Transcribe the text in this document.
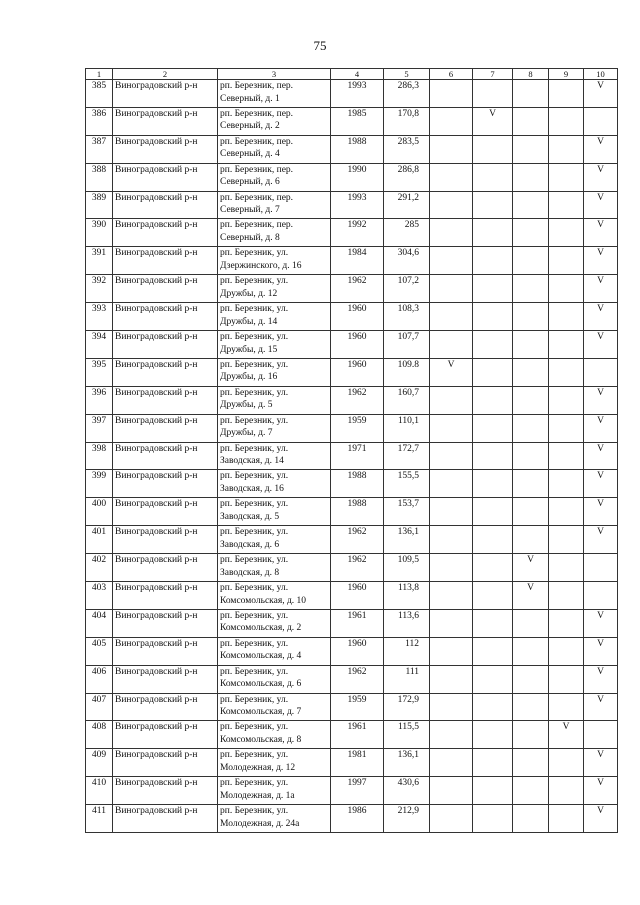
75
1	2	3	4	5	6	7	8	9	10
385	Виноградовский р-н	рп. Березник, пер.
Северный, д. 1	1993	286,3					V
386	Виноградовский р-н	рп. Березник, пер.
Северный, д. 2	1985	170,8		V			
387	Виноградовский р-н	рп. Березник, пер.
Северный, д. 4	1988	283,5					V
388	Виноградовский р-н	рп. Березник, пер.
Северный, д. 6	1990	286,8					V
389	Виноградовский р-н	рп. Березник, пер.
Северный, д. 7	1993	291,2					V
390	Виноградовский р-н	рп. Березник, пер.
Северный, д. 8	1992	285					V
391	Виноградовский р-н	рп. Березник, ул.
Дзержинского, д. 16	1984	304,6					V
392	Виноградовский р-н	рп. Березник, ул.
Дружбы, д. 12	1962	107,2					V
393	Виноградовский р-н	рп. Березник, ул.
Дружбы, д. 14	1960	108,3					V
394	Виноградовский р-н	рп. Березник, ул.
Дружбы, д. 15	1960	107,7					V
395	Виноградовский р-н	рп. Березник, ул.
Дружбы, д. 16	1960	109.8	V				
396	Виноградовский р-н	рп. Березник, ул.
Дружбы, д. 5	1962	160,7					V
397	Виноградовский р-н	рп. Березник, ул.
Дружбы, д. 7	1959	110,1					V
398	Виноградовский р-н	рп. Березник, ул.
Заводская, д. 14	1971	172,7					V
399	Виноградовский р-н	рп. Березник, ул.
Заводская, д. 16	1988	155,5					V
400	Виноградовский р-н	рп. Березник, ул.
Заводская, д. 5	1988	153,7					V
401	Виноградовский р-н	рп. Березник, ул.
Заводская, д. 6	1962	136,1					V
402	Виноградовский р-н	рп. Березник, ул.
Заводская, д. 8	1962	109,5			V		
403	Виноградовский р-н	рп. Березник, ул.
Комсомольская, д. 10	1960	113,8			V		
404	Виноградовский р-н	рп. Березник, ул.
Комсомольская, д. 2	1961	113,6					V
405	Виноградовский р-н	рп. Березник, ул.
Комсомольская, д. 4	1960	112					V
406	Виноградовский р-н	рп. Березник, ул.
Комсомольская, д. 6	1962	111					V
407	Виноградовский р-н	рп. Березник, ул.
Комсомольская, д. 7	1959	172,9					V
408	Виноградовский р-н	рп. Березник, ул.
Комсомольская, д. 8	1961	115,5				V	
409	Виноградовский р-н	рп. Березник, ул.
Молодежная, д. 12	1981	136,1					V
410	Виноградовский р-н	рп. Березник, ул.
Молодежная, д. 1а	1997	430,6					V
411	Виноградовский р-н	рп. Березник, ул.
Молодежная, д. 24а	1986	212,9					V
